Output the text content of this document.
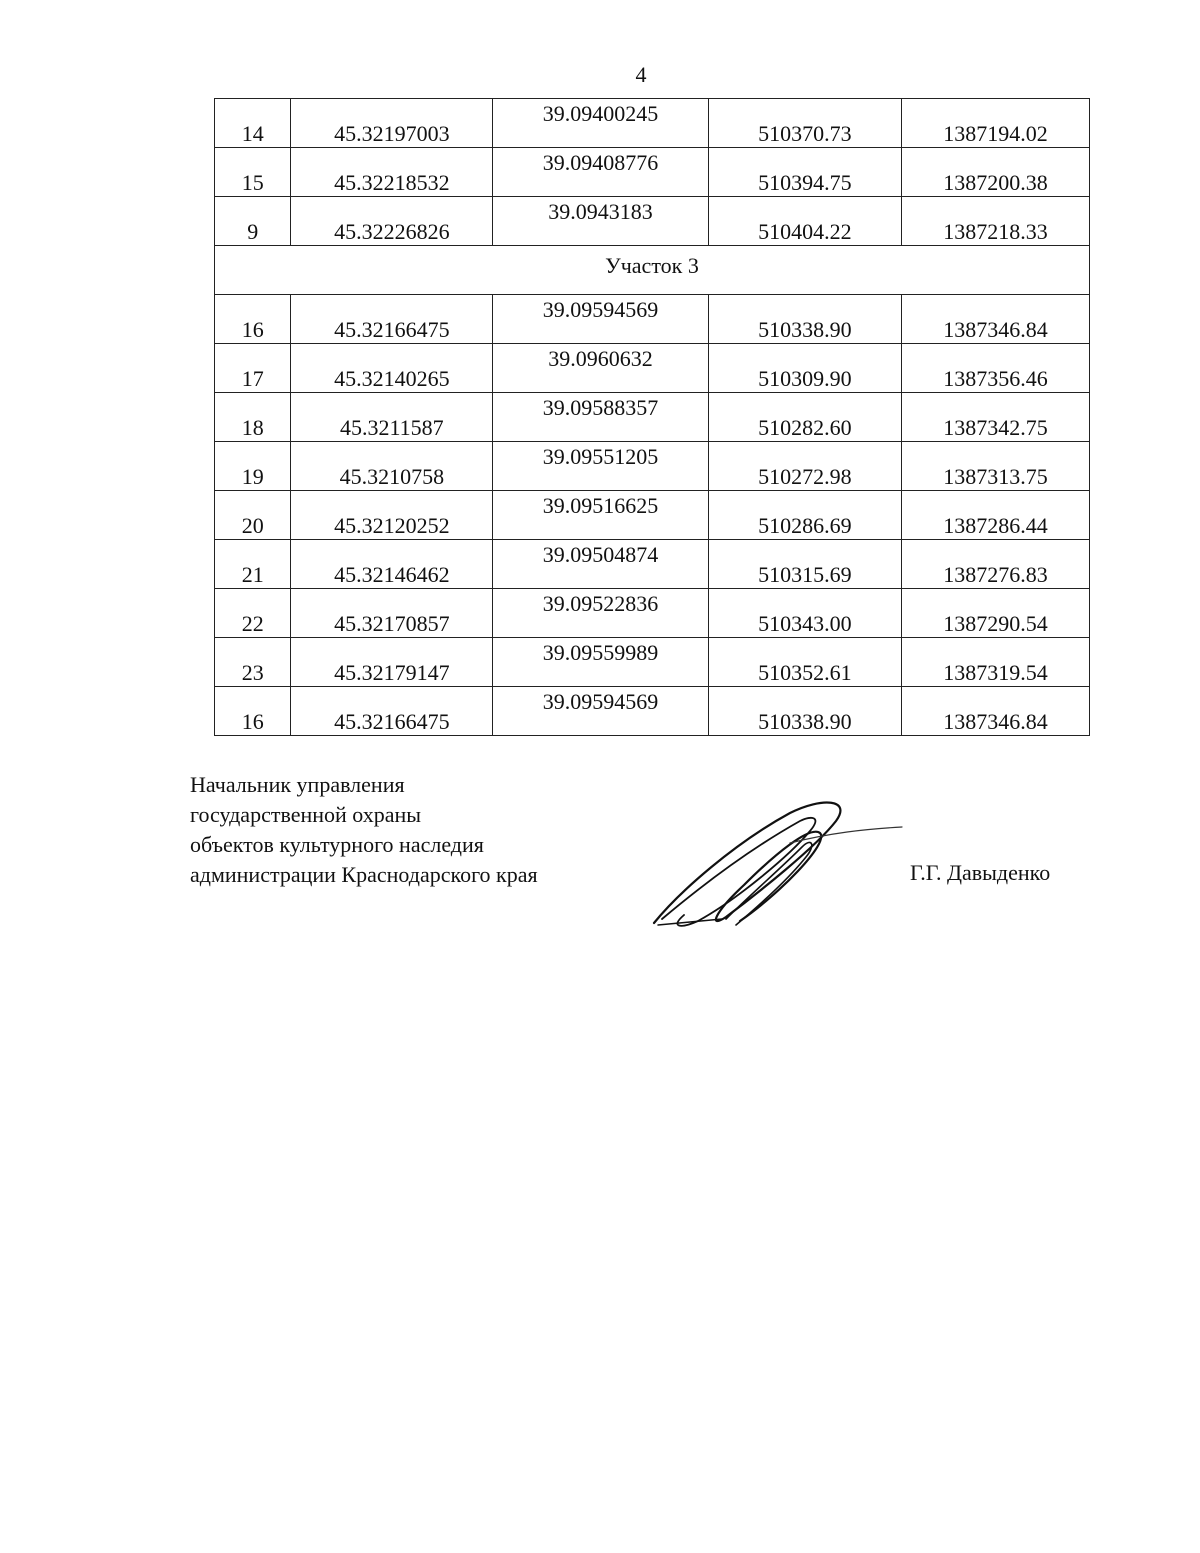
4
14	45.32197003	39.09400245	510370.73	1387194.02
15	45.32218532	39.09408776	510394.75	1387200.38
9	45.32226826	39.0943183	510404.22	1387218.33
Участок 3				
16	45.32166475	39.09594569	510338.90	1387346.84
17	45.32140265	39.0960632	510309.90	1387356.46
18	45.3211587	39.09588357	510282.60	1387342.75
19	45.3210758	39.09551205	510272.98	1387313.75
20	45.32120252	39.09516625	510286.69	1387286.44
21	45.32146462	39.09504874	510315.69	1387276.83
22	45.32170857	39.09522836	510343.00	1387290.54
23	45.32179147	39.09559989	510352.61	1387319.54
16	45.32166475	39.09594569	510338.90	1387346.84
Начальник управления
государственной охраны
объектов культурного наследия
администрации Краснодарского края	Г.Г. Давыденко
